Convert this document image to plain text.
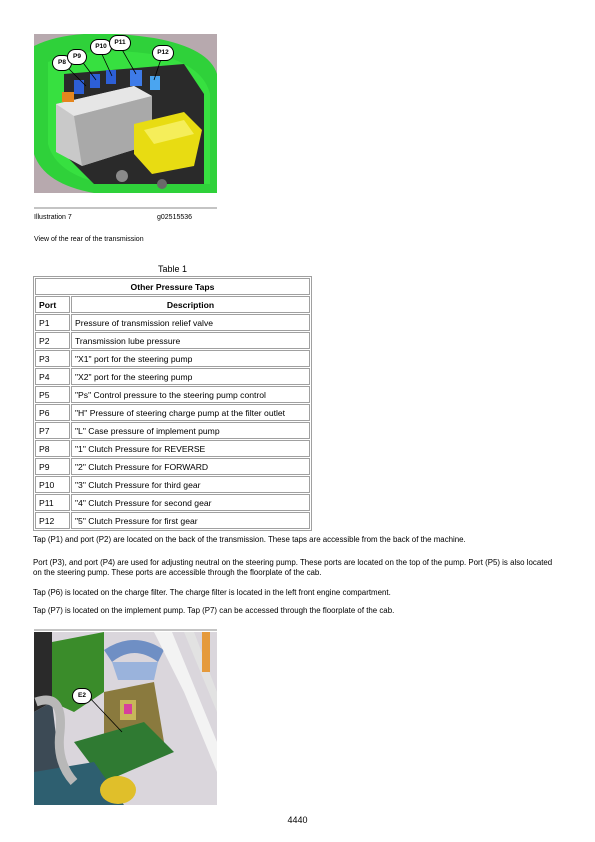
P8
P9
P10
P11
P12
Illustration 7	g02515536
View of the rear of the transmission
Table 1
Other Pressure Taps	
Port	Description
P1	Pressure of transmission relief valve
P2	Transmission lube pressure
P3	"X1" port for the steering pump
P4	"X2" port for the steering pump
P5	"Ps" Control pressure to the steering pump control
P6	"H" Pressure of steering charge pump at the filter outlet
P7	"L" Case pressure of implement pump
P8	"1" Clutch Pressure for REVERSE
P9	"2" Clutch Pressure for FORWARD
P10	"3" Clutch Pressure for third gear
P11	"4" Clutch Pressure for second gear
P12	"5" Clutch Pressure for first gear
Tap (P1) and port (P2) are located on the back of the transmission. These taps are accessible from the back of the machine.
Port (P3), and port (P4) are used for adjusting neutral on the steering pump. These ports are located on the top of the pump. Port (P5) is also located on the steering pump. These ports are accessible through the floorplate of the cab.
Tap (P6) is located on the charge filter. The charge filter is located in the left front engine compartment.
Tap (P7) is located on the implement pump. Tap (P7) can be accessed through the floorplate of the cab.
E2
4440
